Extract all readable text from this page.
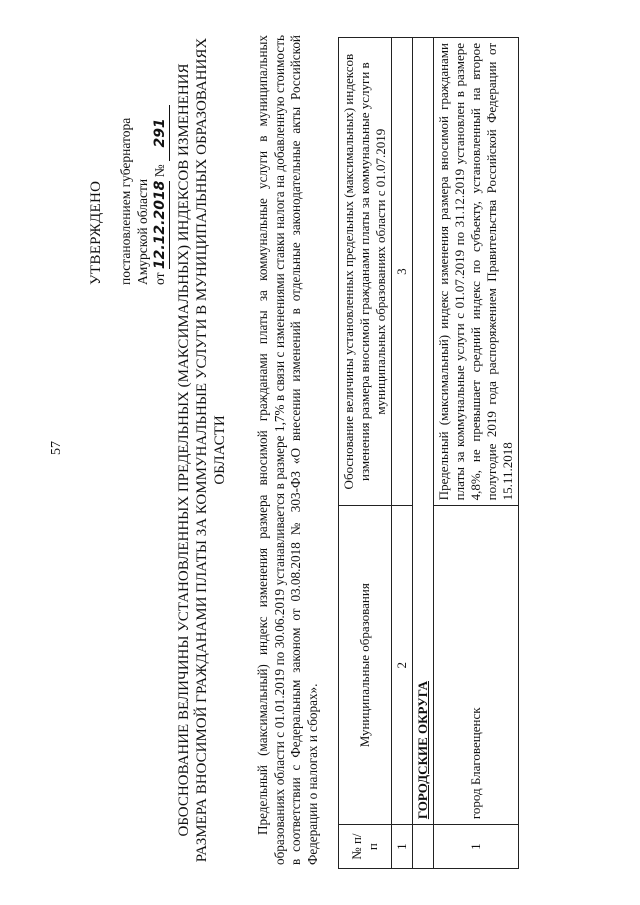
57
УТВЕРЖДЕНО постановлением губернатора Амурской области от 12.12.2018 № 291 ОБОСНОВАНИЕ ВЕЛИЧИНЫ УСТАНОВЛЕННЫХ ПРЕДЕЛЬНЫХ (МАКСИМАЛЬНЫХ) ИНДЕКСОВ ИЗМЕНЕНИЯ РАЗМЕРА ВНОСИМОЙ ГРАЖДАНАМИ ПЛАТЫ ЗА КОММУНАЛЬНЫЕ УСЛУГИ В МУНИЦИПАЛЬНЫХ ОБРАЗОВАНИЯХ ОБЛАСТИ Предельный (максимальный) индекс изменения размера вносимой гражданами платы за коммунальные услуги в муниципальных образованиях области с 01.01.2019 по 30.06.2019 устанавливается в размере 1,7% в связи с изменениями ставки налога на добавленную стоимость в соответствии с Федеральным законом от 03.08.2018 № 303-ФЗ «О внесении изменений в отдельные законодательные акты Российской Федерации о налогах и сборах». № п/п	Муниципальные образования	Обоснование величины установленных предельных (максимальных) индексов изменения размера вносимой гражданами платы за коммунальные услуги в муниципальных образованиях области с 01.07.2019
1	2	3
	ГОРОДСКИЕ ОКРУГА	
1	город Благовещенск	Предельный (максимальный) индекс изменения размера вносимой гражданами платы за коммунальные услуги с 01.07.2019 по 31.12.2019 установлен в размере 4,8%, не превышает средний индекс по субъекту, установленный на второе полугодие 2019 года распоряжением Правительства Российской Федерации от 15.11.2018
